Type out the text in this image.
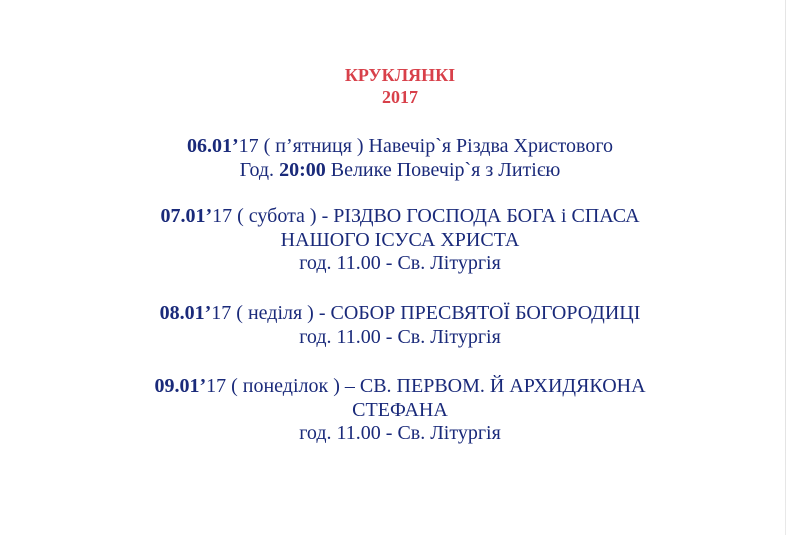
КРУКЛЯНКІ
2017
06.01’17 ( п’ятниця ) Навечір`я Різдва Христового
Год. 20:00 Велике Повечір`я з Литією
07.01’17 ( субота ) - РІЗДВО ГОСПОДА БОГА і СПАСА
НАШОГО ІСУСА ХРИСТА
год. 11.00 - Св. Літургія
08.01’17 ( неділя ) - СОБОР ПРЕСВЯТОЇ БОГОРОДИЦІ
год. 11.00 - Св. Літургія
09.01’17 ( понеділок ) – СВ. ПЕРВОМ. Й АРХИДЯКОНА
СТЕФАНА
год. 11.00 - Св. Літургія
